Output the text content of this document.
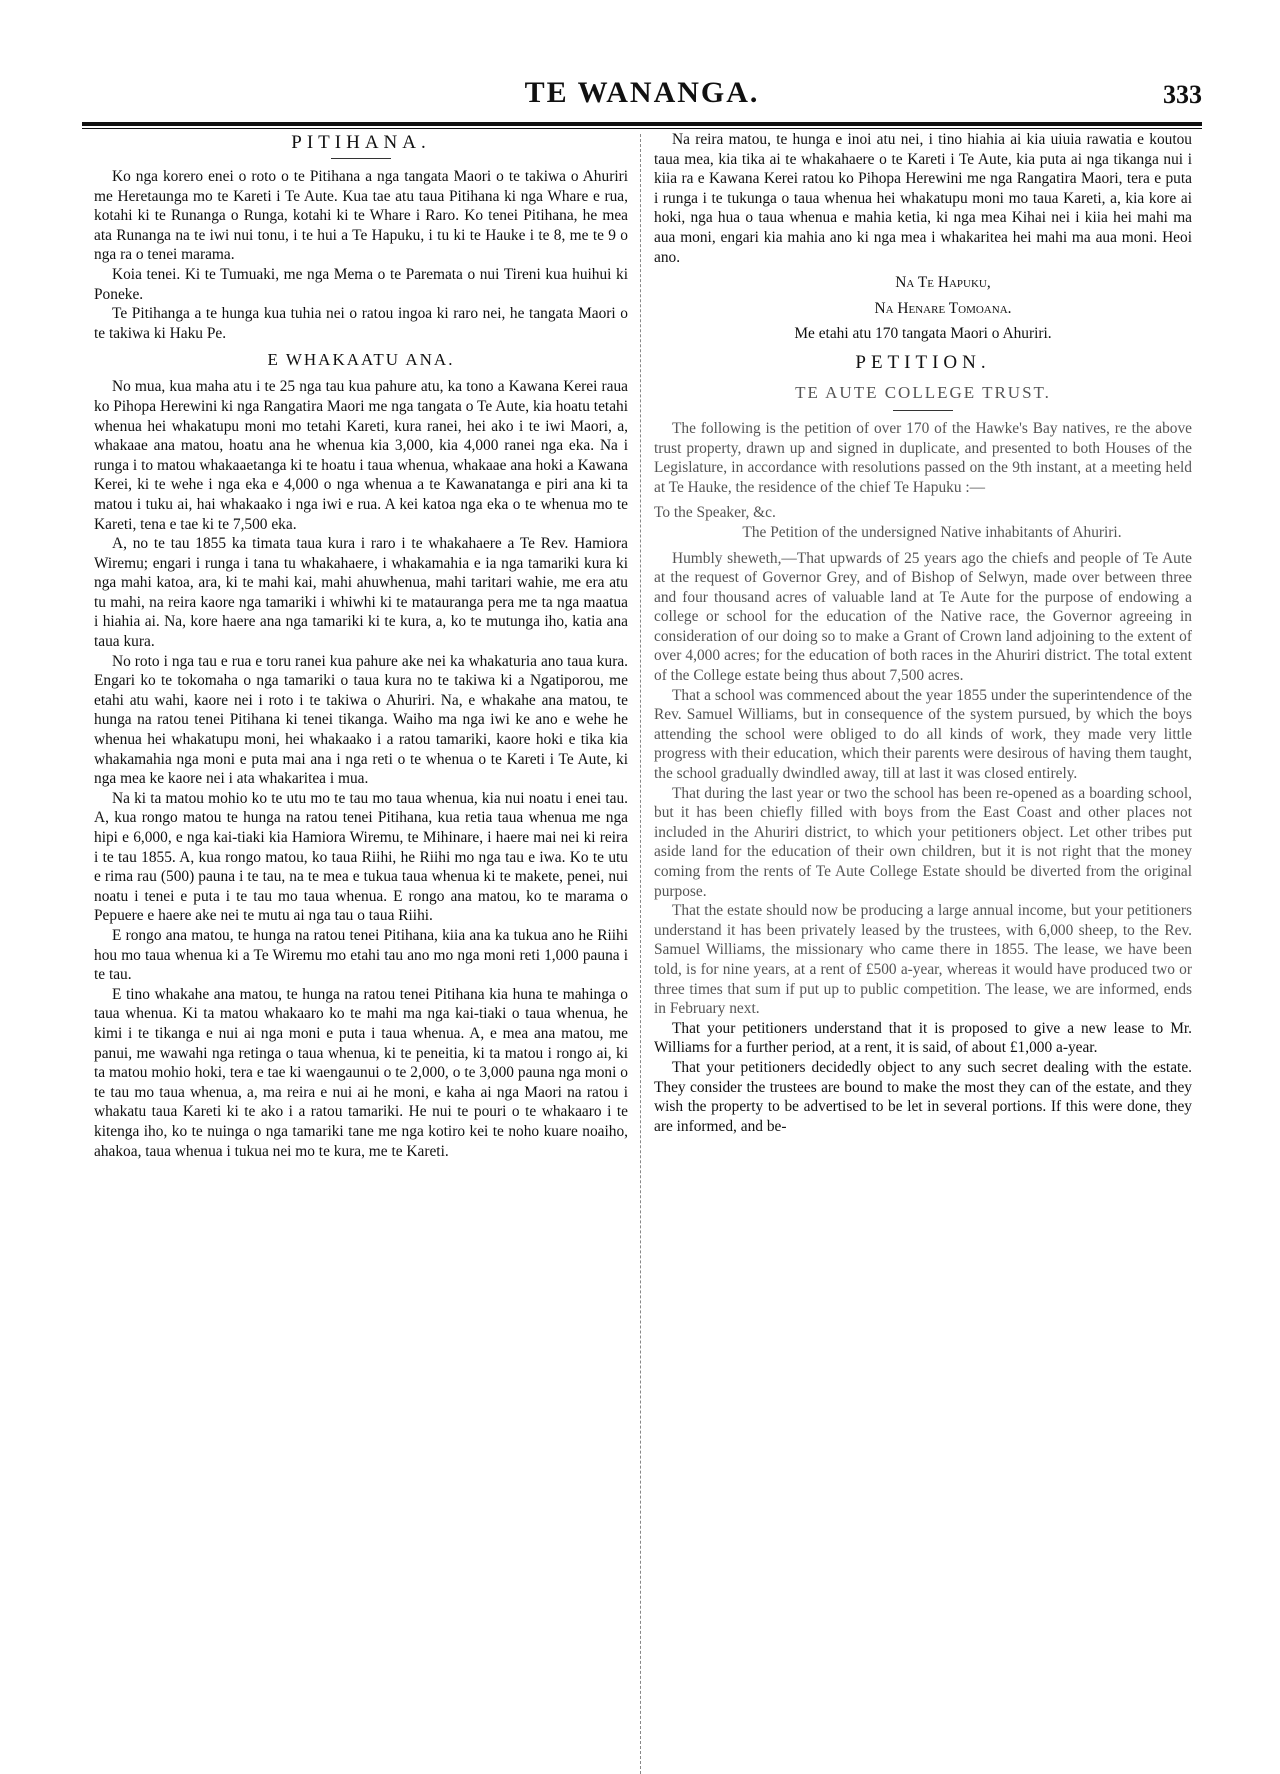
TE WANANGA.	333
PITIHANA.

Ko nga korero enei o roto o te Pitihana a nga tangata Maori o te takiwa o Ahuriri me Heretaunga mo te Kareti i Te Aute. Kua tae atu taua Pitihana ki nga Whare e rua, kotahi ki te Runanga o Runga, kotahi ki te Whare i Raro. Ko tenei Pitihana, he mea ata Runanga na te iwi nui tonu, i te hui a Te Hapuku, i tu ki te Hauke i te 8, me te 9 o nga ra o tenei marama.

Koia tenei. Ki te Tumuaki, me nga Mema o te Paremata o nui Tireni kua huihui ki Poneke.

Te Pitihanga a te hunga kua tuhia nei o ratou ingoa ki raro nei, he tangata Maori o te takiwa ki Haku Pe.

E WHAKAATU ANA.

No mua, kua maha atu i te 25 nga tau kua pahure atu, ka tono a Kawana Kerei raua ko Pihopa Herewini ki nga Rangatira Maori me nga tangata o Te Aute, kia hoatu tetahi whenua hei whakatupu moni mo tetahi Kareti, kura ranei, hei ako i te iwi Maori, a, whakaae ana matou, hoatu ana he whenua kia 3,000, kia 4,000 ranei nga eka. Na i runga i to matou whakaaetanga ki te hoatu i taua whenua, whakaae ana hoki a Kawana Kerei, ki te wehe i nga eka e 4,000 o nga whenua a te Kawanatanga e piri ana ki ta matou i tuku ai, hai whakaako i nga iwi e rua. A kei katoa nga eka o te whenua mo te Kareti, tena e tae ki te 7,500 eka.

A, no te tau 1855 ka timata taua kura i raro i te whakahaere a Te Rev. Hamiora Wiremu; engari i runga i tana tu whakahaere, i whakamahia e ia nga tamariki kura ki nga mahi katoa, ara, ki te mahi kai, mahi ahuwhenua, mahi taritari wahie, me era atu tu mahi, na reira kaore nga tamariki i whiwhi ki te matauranga pera me ta nga maatua i hiahia ai. Na, kore haere ana nga tamariki ki te kura, a, ko te mutunga iho, katia ana taua kura.

No roto i nga tau e rua e toru ranei kua pahure ake nei ka whakaturia ano taua kura. Engari ko te tokomaha o nga tamariki o taua kura no te takiwa ki a Ngatiporou, me etahi atu wahi, kaore nei i roto i te takiwa o Ahuriri. Na, e whakahe ana matou, te hunga na ratou tenei Pitihana ki tenei tikanga. Waiho ma nga iwi ke ano e wehe he whenua hei whakatupu moni, hei whakaako i a ratou tamariki, kaore hoki e tika kia whakamahia nga moni e puta mai ana i nga reti o te whenua o te Kareti i Te Aute, ki nga mea ke kaore nei i ata whakaritea i mua.

Na ki ta matou mohio ko te utu mo te tau mo taua whenua, kia nui noatu i enei tau. A, kua rongo matou te hunga na ratou tenei Pitihana, kua retia taua whenua me nga hipi e 6,000, e nga kai-tiaki kia Hamiora Wiremu, te Mihinare, i haere mai nei ki reira i te tau 1855. A, kua rongo matou, ko taua Riihi, he Riihi mo nga tau e iwa. Ko te utu e rima rau (500) pauna i te tau, na te mea e tukua taua whenua ki te makete, penei, nui noatu i tenei e puta i te tau mo taua whenua. E rongo ana matou, ko te marama o Pepuere e haere ake nei te mutu ai nga tau o taua Riihi.

E rongo ana matou, te hunga na ratou tenei Pitihana, kiia ana ka tukua ano he Riihi hou mo taua whenua ki a Te Wiremu mo etahi tau ano mo nga moni reti 1,000 pauna i te tau.

E tino whakahe ana matou, te hunga na ratou tenei Pitihana kia huna te mahinga o taua whenua. Ki ta matou whakaaro ko te mahi ma nga kai-tiaki o taua whenua, he kimi i te tikanga e nui ai nga moni e puta i taua whenua. A, e mea ana matou, me panui, me wawahi nga retinga o taua whenua, ki te peneitia, ki ta matou i rongo ai, ki ta matou mohio hoki, tera e tae ki waengaunui o te 2,000, o te 3,000 pauna nga moni o te tau mo taua whenua, a, ma reira e nui ai he moni, e kaha ai nga Maori na ratou i whakatu taua Kareti ki te ako i a ratou tamariki. He nui te pouri o te whakaaro i te kitenga iho, ko te nuinga o nga tamariki tane me nga kotiro kei te noho kuare noaiho, ahakoa, taua whenua i tukua nei mo te kura, me te Kareti.

Na reira matou, te hunga e inoi atu nei, i tino hiahia ai kia uiuia rawatia e koutou taua mea, kia tika ai te whakahaere o te Kareti i Te Aute, kia puta ai nga tikanga nui i kiia ra e Kawana Kerei ratou ko Pihopa Herewini me nga Rangatira Maori, tera e puta i runga i te tukunga o taua whenua hei whakatupu moni mo taua Kareti, a, kia kore ai hoki, nga hua o taua whenua e mahia ketia, ki nga mea Kihai nei i kiia hei mahi ma aua moni, engari kia mahia ano ki nga mea i whakaritea hei mahi ma aua moni. Heoi ano.

Na Te Hapuku,

Na Henare Tomoana.

Me etahi atu 170 tangata Maori o Ahuriri.

PETITION.
TE AUTE COLLEGE TRUST.

The following is the petition of over 170 of the Hawke's Bay natives, re the above trust property, drawn up and signed in duplicate, and presented to both Houses of the Legislature, in accordance with resolutions passed on the 9th instant, at a meeting held at Te Hauke, the residence of the chief Te Hapuku :—

To the Speaker, &c.

The Petition of the undersigned Native inhabitants of Ahuriri.

Humbly sheweth,—That upwards of 25 years ago the chiefs and people of Te Aute at the request of Governor Grey, and of Bishop of Selwyn, made over between three and four thousand acres of valuable land at Te Aute for the purpose of endowing a college or school for the education of the Native race, the Governor agreeing in consideration of our doing so to make a Grant of Crown land adjoining to the extent of over 4,000 acres; for the education of both races in the Ahuriri district. The total extent of the College estate being thus about 7,500 acres.

That a school was commenced about the year 1855 under the superintendence of the Rev. Samuel Williams, but in consequence of the system pursued, by which the boys attending the school were obliged to do all kinds of work, they made very little progress with their education, which their parents were desirous of having them taught, the school gradually dwindled away, till at last it was closed entirely.

That during the last year or two the school has been re-opened as a boarding school, but it has been chiefly filled with boys from the East Coast and other places not included in the Ahuriri district, to which your petitioners object. Let other tribes put aside land for the education of their own children, but it is not right that the money coming from the rents of Te Aute College Estate should be diverted from the original purpose.

That the estate should now be producing a large annual income, but your petitioners understand it has been privately leased by the trustees, with 6,000 sheep, to the Rev. Samuel Williams, the missionary who came there in 1855. The lease, we have been told, is for nine years, at a rent of £500 a-year, whereas it would have produced two or three times that sum if put up to public competition. The lease, we are informed, ends in February next.

That your petitioners understand that it is proposed to give a new lease to Mr. Williams for a further period, at a rent, it is said, of about £1,000 a-year.

That your petitioners decidedly object to any such secret dealing with the estate. They consider the trustees are bound to make the most they can of the estate, and they wish the property to be advertised to be let in several portions. If this were done, they are informed, and be-
